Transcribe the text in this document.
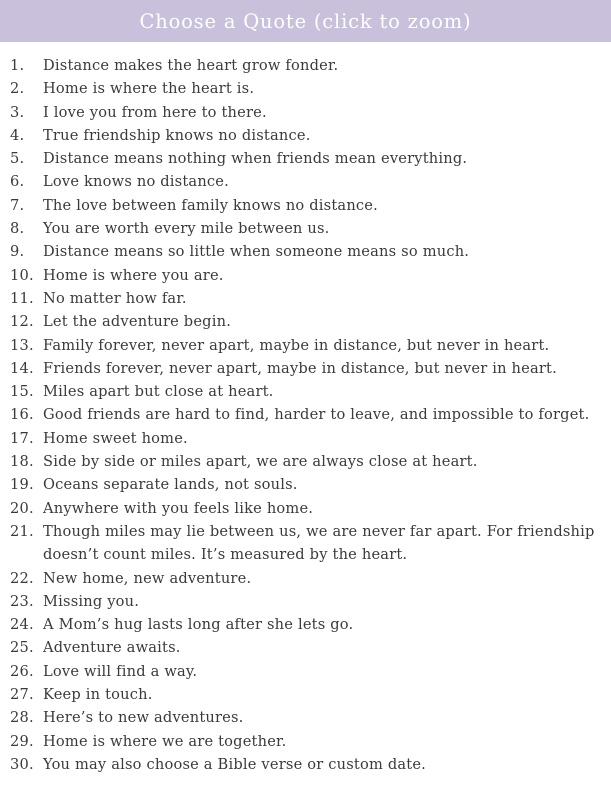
Choose a Quote (click to zoom)
1.	Distance makes the heart grow fonder.
2.	Home is where the heart is.
3.	I love you from here to there.
4.	True friendship knows no distance.
5.	Distance means nothing when friends mean everything.
6.	Love knows no distance.
7.	The love between family knows no distance.
8.	You are worth every mile between us.
9.	Distance means so little when someone means so much.
10. Home is where you are.
11. No matter how far.
12. Let the adventure begin.
13. Family forever, never apart, maybe in distance, but never in heart.
14. Friends forever, never apart, maybe in distance, but never in heart.
15. Miles apart but close at heart.
16. Good friends are hard to find, harder to leave, and impossible to forget.
17. Home sweet home.
18. Side by side or miles apart, we are always close at heart.
19. Oceans separate lands, not souls.
20. Anywhere with you feels like home.
21. Though miles may lie between us, we are never far apart. For friendship doesn’t count miles. It’s measured by the heart.
22. New home, new adventure.
23. Missing you.
24. A Mom’s hug lasts long after she lets go.
25. Adventure awaits.
26. Love will find a way.
27. Keep in touch.
28. Here’s to new adventures.
29. Home is where we are together.
30. You may also choose a Bible verse or custom date.
